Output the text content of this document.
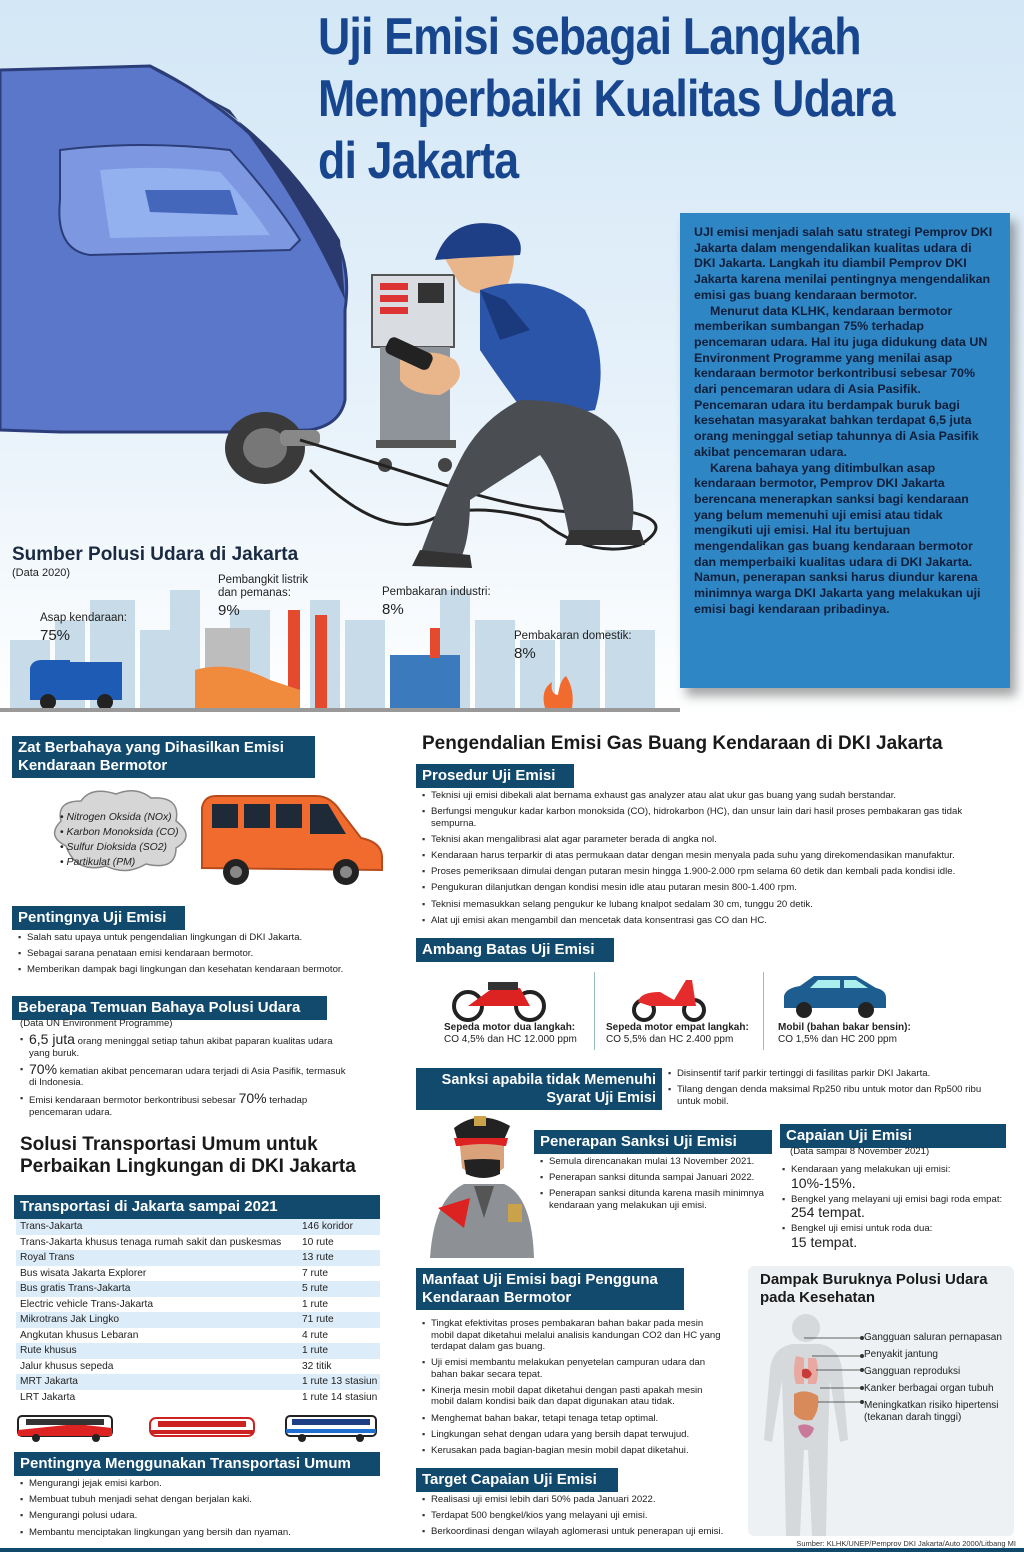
Uji Emisi sebagai Langkah
Memperbaiki Kualitas Udara
di Jakarta

UJI emisi menjadi salah satu strategi Pemprov DKI Jakarta dalam mengendalikan kualitas udara di DKI Jakarta. Langkah itu diambil Pemprov DKI Jakarta karena menilai pentingnya mengendalikan emisi gas buang kendaraan bermotor.

Menurut data KLHK, kendaraan bermotor memberikan sumbangan 75% terhadap pencemaran udara. Hal itu juga didukung data UN Environment Programme yang menilai asap kendaraan bermotor berkontribusi sebesar 70% dari pencemaran udara di Asia Pasifik. Pencemaran udara itu berdampak buruk bagi kesehatan masyarakat bahkan terdapat 6,5 juta orang meninggal setiap tahunnya di Asia Pasifik akibat pencemaran udara.

Karena bahaya yang ditimbulkan asap kendaraan bermotor, Pemprov DKI Jakarta berencana menerapkan sanksi bagi kendaraan yang belum memenuhi uji emisi atau tidak mengikuti uji emisi. Hal itu bertujuan mengendalikan gas buang kendaraan bermotor dan memperbaiki kualitas udara di DKI Jakarta. Namun, penerapan sanksi harus diundur karena minimnya warga DKI Jakarta yang melakukan uji emisi bagi kendaraan pribadinya.

Sumber Polusi Udara di Jakarta
(Data 2020)
Asap kendaraan:
75%
Pembangkit listrik dan pemanas:
9%
Pembakaran industri:
8%
Pembakaran domestik:
8%
Zat Berbahaya yang Dihasilkan Emisi Kendaraan Bermotor
• Nitrogen Oksida (NOx)
• Karbon Monoksida (CO)
• Sulfur Dioksida (SO2)
• Partikulat (PM)
Pentingnya Uji Emisi
▪ Salah satu upaya untuk pengendalian lingkungan di DKI Jakarta.
▪ Sebagai sarana penataan emisi kendaraan bermotor.
▪ Memberikan dampak bagi lingkungan dan kesehatan kendaraan bermotor.
Beberapa Temuan Bahaya Polusi Udara
(Data UN Environment Programme)
▪ 6,5 juta orang meninggal setiap tahun akibat paparan kualitas udara yang buruk.
▪ 70% kematian akibat pencemaran udara terjadi di Asia Pasifik, termasuk di Indonesia.
▪ Emisi kendaraan bermotor berkontribusi sebesar 70% terhadap pencemaran udara.
Solusi Transportasi Umum untuk
Perbaikan Lingkungan di DKI Jakarta
Transportasi di Jakarta sampai 2021
Trans-Jakarta	146 koridor
Trans-Jakarta khusus tenaga rumah sakit dan puskesmas	10 rute
Royal Trans	13 rute
Bus wisata Jakarta Explorer	7 rute
Bus gratis Trans-Jakarta	5 rute
Electric vehicle Trans-Jakarta	1 rute
Mikrotrans Jak Lingko	71 rute
Angkutan khusus Lebaran	4 rute
Rute khusus	1 rute
Jalur khusus sepeda	32 titik
MRT Jakarta	1 rute 13 stasiun
LRT Jakarta	1 rute 14 stasiun
Pentingnya Menggunakan Transportasi Umum
▪ Mengurangi jejak emisi karbon.
▪ Membuat tubuh menjadi sehat dengan berjalan kaki.
▪ Mengurangi polusi udara.
▪ Membantu menciptakan lingkungan yang bersih dan nyaman.
Pengendalian Emisi Gas Buang Kendaraan di DKI Jakarta
Prosedur Uji Emisi
▪ Teknisi uji emisi dibekali alat bernama exhaust gas analyzer atau alat ukur gas buang yang sudah berstandar.
▪ Berfungsi mengukur kadar karbon monoksida (CO), hidrokarbon (HC), dan unsur lain dari hasil proses pembakaran gas tidak sempurna.
▪ Teknisi akan mengalibrasi alat agar parameter berada di angka nol.
▪ Kendaraan harus terparkir di atas permukaan datar dengan mesin menyala pada suhu yang direkomendasikan manufaktur.
▪ Proses pemeriksaan dimulai dengan putaran mesin hingga 1.900-2.000 rpm selama 60 detik dan kembali pada kondisi idle.
▪ Pengukuran dilanjutkan dengan kondisi mesin idle atau putaran mesin 800-1.400 rpm.
▪ Teknisi memasukkan selang pengukur ke lubang knalpot sedalam 30 cm, tunggu 20 detik.
▪ Alat uji emisi akan mengambil dan mencetak data konsentrasi gas CO dan HC.
Ambang Batas Uji Emisi
Sepeda motor dua langkah:
CO 4,5% dan HC 12.000 ppm
Sepeda motor empat langkah:
CO 5,5% dan HC 2.400 ppm
Mobil (bahan bakar bensin):
CO 1,5% dan HC 200 ppm
Sanksi apabila tidak Memenuhi
Syarat Uji Emisi
▪ Disinsentif tarif parkir tertinggi di fasilitas parkir DKI Jakarta.
▪ Tilang dengan denda maksimal Rp250 ribu untuk motor dan Rp500 ribu untuk mobil.
Penerapan Sanksi Uji Emisi
▪ Semula direncanakan mulai 13 November 2021.
▪ Penerapan sanksi ditunda sampai Januari 2022.
▪ Penerapan sanksi ditunda karena masih minimnya kendaraan yang melakukan uji emisi.
Capaian Uji Emisi
(Data sampai 8 November 2021)
▪ Kendaraan yang melakukan uji emisi:
10%-15%.
▪ Bengkel yang melayani uji emisi bagi roda empat:
254 tempat.
▪ Bengkel uji emisi untuk roda dua:
15 tempat.
Manfaat Uji Emisi bagi Pengguna
Kendaraan Bermotor
▪ Tingkat efektivitas proses pembakaran bahan bakar pada mesin mobil dapat diketahui melalui analisis kandungan CO2 dan HC yang terdapat dalam gas buang.
▪ Uji emisi membantu melakukan penyetelan campuran udara dan bahan bakar secara tepat.
▪ Kinerja mesin mobil dapat diketahui dengan pasti apakah mesin mobil dalam kondisi baik dan dapat digunakan atau tidak.
▪ Menghemat bahan bakar, tetapi tenaga tetap optimal.
▪ Lingkungan sehat dengan udara yang bersih dapat terwujud.
▪ Kerusakan pada bagian-bagian mesin mobil dapat diketahui.
Target Capaian Uji Emisi
▪ Realisasi uji emisi lebih dari 50% pada Januari 2022.
▪ Terdapat 500 bengkel/kios yang melayani uji emisi.
▪ Berkoordinasi dengan wilayah aglomerasi untuk penerapan uji emisi.
Dampak Buruknya Polusi Udara
pada Kesehatan
Gangguan saluran pernapasan
Penyakit jantung
Gangguan reproduksi
Kanker berbagai organ tubuh
Meningkatkan risiko hipertensi (tekanan darah tinggi)
Sumber: KLHK/UNEP/Pemprov DKI Jakarta/Auto 2000/Litbang MI
